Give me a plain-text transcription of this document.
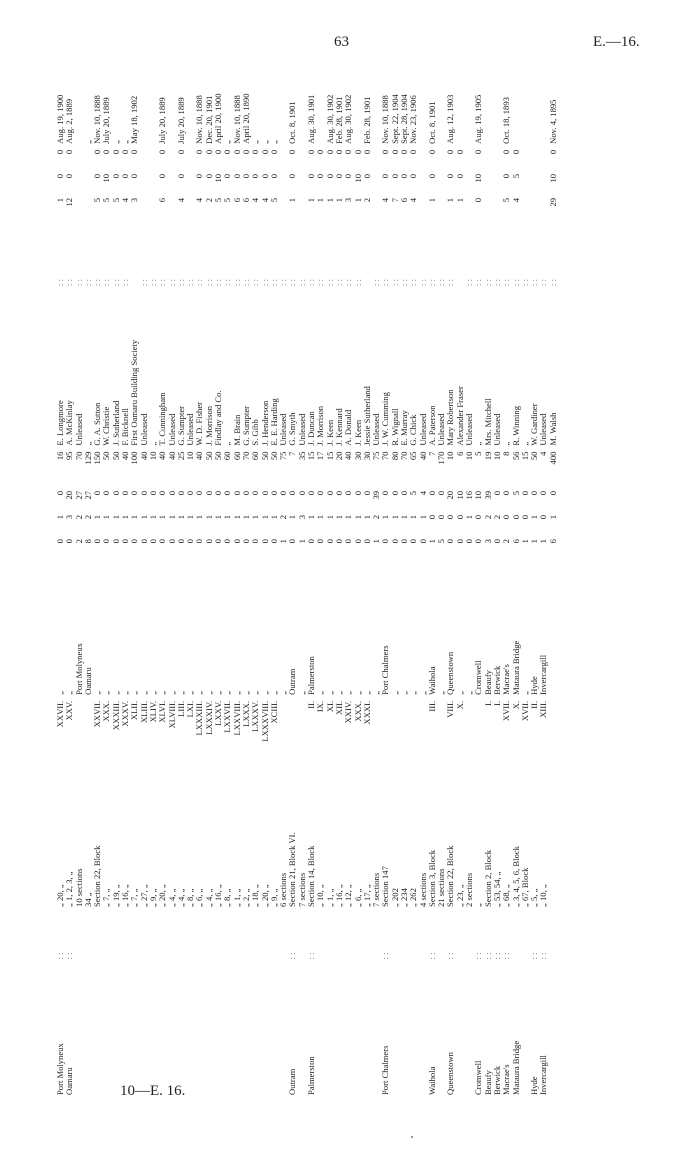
63	E.—16.
Port Molyneux	: :	„ 20, „	XXVII.	„	0	1	0	16	E. Longmore	: :	1	0	0	Aug. 19, 1900
Oamaru	: :	„ 1, 2, 3, „	XXV.	„	0	3	20	95	A. McKinlay	: :	12	0	0	Aug. 2, 1889
		10 sections		Port Molyneux	2	2	27	70	Unleased	: :				
		34 „		Oamaru	8	2	27	129	„	: :				„
		Section 22, Block	XXVII.	„	0	1	0	150	G. A. Sutton	: :	5	0	0	Nov. 10, 1888
		„ 7, „	XXX.	„	0	1	0	50	W. Christie	: :	5	10	0	July 20, 1889
		„ 19, „	XXXIII.	„	0	1	0	50	J. Sutherland	: :	5	0	0	„
		„ 16, „	XXXV.	„	0	1	0	40	F. Bicknell	: :	4	0	0	„
		„ 7, „	XLII.	„	0	1	0	100	First Oamaru Building Society		3	0	0	May 18, 1902
		„ 27, „	XLIII.	„	0	1	0	40	Unleased	: :				
		„ 9, „	XLIV.	„	0	1	0	10	„	: :				
		„ 20, „	XLVI.	„	0	1	0	40	T. Cunningham	: :	6	0	0	July 20, 1889
		„ 4, „	XLVIII.	„	0	1	0	40	Unleased	: :				
		„ 4, „	LIII.	„	0	1	0	25	G. Sumpter	: :	4	0	0	July 20, 1889
		„ 8, „	LXI.	„	0	1	0	10	Unleased	: :				
		„ 6, „	LXXXIII.	„	0	1	0	40	W. D. Fisher	: :	4	0	0	Nov. 10, 1888
		„ 4, „	LXXXIV.	„	0	1	0	50	J. Morrison	: :	2	0	0	Dec. 20, 1901
		„ 16, „	LXXV.	„	0	1	0	50	Findlay and Co.	: :	5	10	0	April 20, 1900
		„ 8, „	LXXVII.	„	0	1	0	60	„	: :	5	0	0	„
		„ 1, „	LXXVIII.	„	0	1	0	60	M. Brain	: :	6	0	0	Nov. 10, 1888
		„ 2, „	LXXX.	„	0	1	0	70	G. Sumpter	: :	6	0	0	April 20, 1890
		„ 18, „	LXXXV.	„	0	1	0	60	S. Gibb	: :	4	0	0	„
		„ 20, „	LXXXVIII.	„	0	1	0	50	J. Henderson	: :	4	0	0	„
		„ 9, „	XCIII.	„	0	1	0	50	E. E. Harding	: :	5	0	0	„
		6 sections		„	1	2	0	75	Unleased	: :				
Outram	: :	Section 21, Block VI.		Outram	0	1	0	7	G. Smyth	: :	1	0	0	Oct. 8, 1901
		7 sections		„	1	3	0	35	Unleased	: :				
Palmerston	: :	Section 14, Block	II.	Palmerston	0	1	0	15	J. Duncan	: :	1	0	0	Aug. 30, 1901
		„ 10, „	IX.	„	0	1	0	17	J. Morrison	: :	1	0	0	
		„ 1, „	XI.	„	0	1	0	15	J. Keen	: :	1	0	0	Aug. 30, 1902
		„ 16, „	XII.	„	0	1	0	20	J. Kennard	: :	1	0	0	Feb. 28, 1901
		„ 12, „	XXIV.	„	0	1	0	40	A. Donald	: :	3	0	0	Aug. 30, 1902
		„ 6, „	XXX.	„	0	1	0	30	J. Keen	: :	1	10	0	
		„ 17, „	XXXI.	„	0	1	0	30	Jessie Sutherland		2	0	0	Feb. 28, 1901
		7 sections		„	1	2	39	75	Unleased	: :				
Port Chalmers	: :	Section 147		Port Chalmers	0	1	0	70	J. W. Cumming	: :	4	0	0	Nov. 10, 1888
		„ 202		„	0	1	0	80	R. Wignall	: :	7	0	0	Sept. 22, 1904
		„ 234		„	0	1	0	70	E. Murray	: :	6	0	0	Sept. 28, 1904
		„ 262		„	0	1	5	65	G. Chick	: :	4	0	0	Nov. 23, 1906
		4 sections		„	0	1	4	40	Unleased	: :				
Waihola	: :	Section 3, Block	III.	Waihola	1	0	0	7	A. Paterson	: :	1	0	0	Oct. 8, 1901
		21 sections		„	5	0	0	170	Unleased	: :				
Queenstown	: :	Section 22, Block	VIII.	Queenstown	0	0	20	10	Mary Robertson	: :	1	0	0	Aug. 12, 1903
		„ 23, „	X.	„	0	0	10	6	Alexander Fraser		1	0	0	
		2 sections		„	0	1	16	10	Unleased	: :				
Cromwell	: :	„		Cromwell	0	0	10	5	„	: :	0	10	0	Aug. 19, 1905
Beaufy	: :	Section 2, Block	I.	Beaufy	3	2	39	19	Mrs. Mitchell	: :				
Berwick	: :	„ 53, 54, „	I.	Berwick	0	2	0	10	Unleased	: :				
Macrae's	: :	„ 68, „	XVII.	Macrae's	2	0	0	8	„	: :	5	0	0	Oct. 18, 1893
Mataura Bridge		„ 3, 4, 5, 6, Block	X.	Mataura Bridge	6	0	5	56	R. Winning	: :	4	5	0	
		„ 67, Block	XVII.	„	1	0	0	15	„	: :				
Hyde	: :	„ 5, „	II.	Hyde	1	1	0	50	W. Gardiner	: :				
Invercargill	: :	„ 10, „	XIII.	Invercargill	1	0	0	4	Unleased	: :				
					6	1	0	400	M. Walsh	: :	29	10	0	Nov. 4, 1895
10—E. 16.
